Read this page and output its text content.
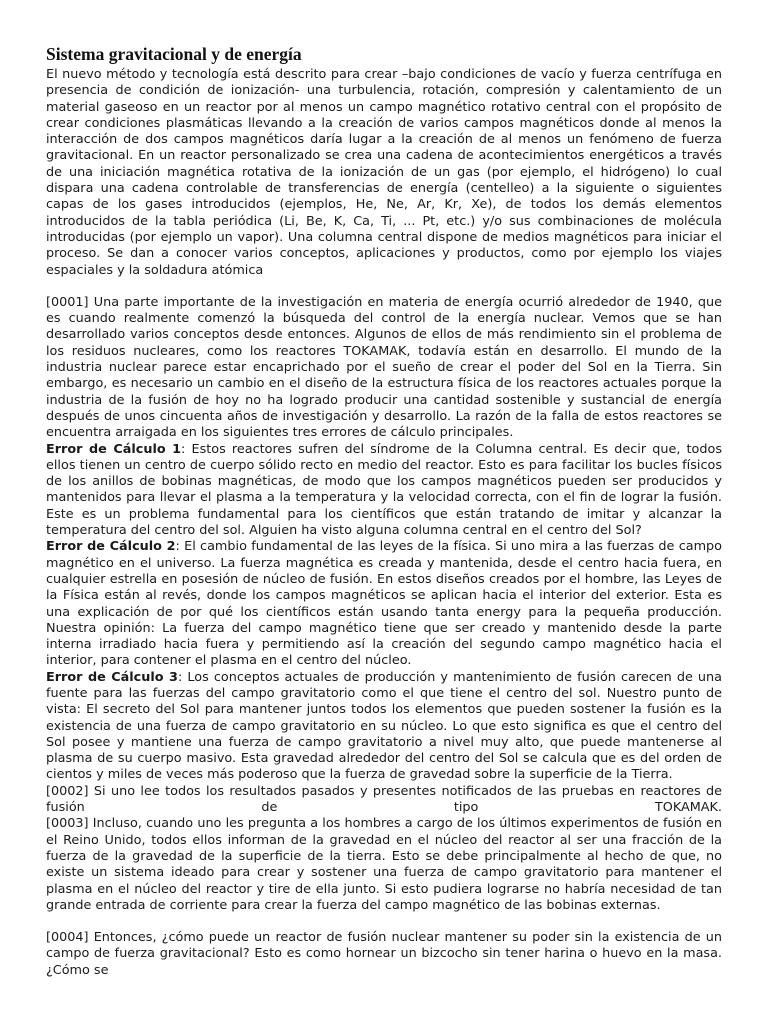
Sistema gravitacional y de energía

El nuevo método y tecnología está descrito para crear –bajo condiciones de vacío y fuerza centrífuga en presencia de condición de ionización- una turbulencia, rotación, compresión y calentamiento de un material gaseoso en un reactor por al menos un campo magnético rotativo central con el propósito de crear condiciones plasmáticas llevando a la creación de varios campos magnéticos donde al menos la interacción de dos campos magnéticos daría lugar a la creación de al menos un fenómeno de fuerza gravitacional. En un reactor personalizado se crea una cadena de acontecimientos energéticos a través de una iniciación magnética rotativa de la ionización de un gas (por ejemplo, el hidrógeno) lo cual dispara una cadena controlable de transferencias de energía (centelleo) a la siguiente o siguientes capas de los gases introducidos (ejemplos, He, Ne, Ar, Kr, Xe), de todos los demás elementos introducidos de la tabla periódica (Li, Be, K, Ca, Ti, ... Pt, etc.) y/o sus combinaciones de molécula introducidas (por ejemplo un vapor). Una columna central dispone de medios magnéticos para iniciar el proceso. Se dan a conocer varios conceptos, aplicaciones y productos, como por ejemplo los viajes espaciales y la soldadura atómica

[0001] Una parte importante de la investigación en materia de energía ocurrió alrededor de 1940, que es cuando realmente comenzó la búsqueda del control de la energía nuclear. Vemos que se han desarrollado varios conceptos desde entonces. Algunos de ellos de más rendimiento sin el problema de los residuos nucleares, como los reactores TOKAMAK, todavía están en desarrollo. El mundo de la industria nuclear parece estar encaprichado por el sueño de crear el poder del Sol en la Tierra. Sin embargo, es necesario un cambio en el diseño de la estructura física de los reactores actuales porque la industria de la fusión de hoy no ha logrado producir una cantidad sostenible y sustancial de energía después de unos cincuenta años de investigación y desarrollo. La razón de la falla de estos reactores se encuentra arraigada en los siguientes tres errores de cálculo principales.

Error de Cálculo 1: Estos reactores sufren del síndrome de la Columna central. Es decir que, todos ellos tienen un centro de cuerpo sólido recto en medio del reactor. Esto es para facilitar los bucles físicos de los anillos de bobinas magnéticas, de modo que los campos magnéticos pueden ser producidos y mantenidos para llevar el plasma a la temperatura y la velocidad correcta, con el fin de lograr la fusión. Este es un problema fundamental para los científicos que están tratando de imitar y alcanzar la temperatura del centro del sol. Alguien ha visto alguna columna central en el centro del Sol?

Error de Cálculo 2: El cambio fundamental de las leyes de la física. Si uno mira a las fuerzas de campo magnético en el universo. La fuerza magnética es creada y mantenida, desde el centro hacia fuera, en cualquier estrella en posesión de núcleo de fusión. En estos diseños creados por el hombre, las Leyes de la Física están al revés, donde los campos magnéticos se aplican hacia el interior del exterior. Esta es una explicación de por qué los científicos están usando tanta energy para la pequeña producción. Nuestra opinión: La fuerza del campo magnético tiene que ser creado y mantenido desde la parte interna irradiado hacia fuera y permitiendo así la creación del segundo campo magnético hacia el interior, para contener el plasma en el centro del núcleo.

Error de Cálculo 3: Los conceptos actuales de producción y mantenimiento de fusión carecen de una fuente para las fuerzas del campo gravitatorio como el que tiene el centro del sol. Nuestro punto de vista: El secreto del Sol para mantener juntos todos los elementos que pueden sostener la fusión es la existencia de una fuerza de campo gravitatorio en su núcleo. Lo que esto significa es que el centro del Sol posee y mantiene una fuerza de campo gravitatorio a nivel muy alto, que puede mantenerse al plasma de su cuerpo masivo. Esta gravedad alrededor del centro del Sol se calcula que es del orden de cientos y miles de veces más poderoso que la fuerza de gravedad sobre la superficie de la Tierra.

[0002] Si uno lee todos los resultados pasados y presentes notificados de las pruebas en reactores de fusión de tipo TOKAMAK.

[0003] Incluso, cuando uno les pregunta a los hombres a cargo de los últimos experimentos de fusión en el Reino Unido, todos ellos informan de la gravedad en el núcleo del reactor al ser una fracción de la fuerza de la gravedad de la superficie de la tierra. Esto se debe principalmente al hecho de que, no existe un sistema ideado para crear y sostener una fuerza de campo gravitatorio para mantener el plasma en el núcleo del reactor y tire de ella junto. Si esto pudiera lograrse no habría necesidad de tan grande entrada de corriente para crear la fuerza del campo magnético de las bobinas externas.

[0004] Entonces, ¿cómo puede un reactor de fusión nuclear mantener su poder sin la existencia de un campo de fuerza gravitacional? Esto es como hornear un bizcocho sin tener harina o huevo en la masa. ¿Cómo se
